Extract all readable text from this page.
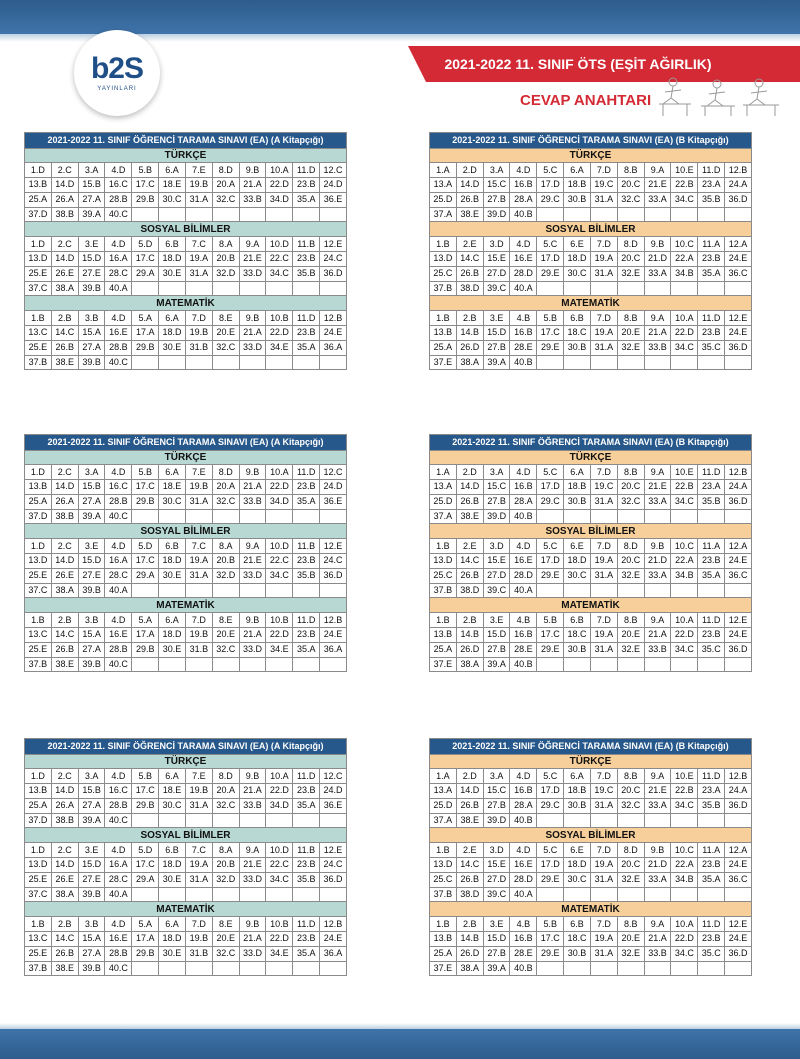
b2S
YAYINLARI
2021-2022 11. SINIF ÖTS (EŞİT AĞIRLIK)
CEVAP ANAHTARI
2021-2022 11. SINIF ÖĞRENCİ TARAMA SINAVI (EA) (A Kitapçığı)											
TÜRKÇE											
1.D	2.C	3.A	4.D	5.B	6.A	7.E	8.D	9.B	10.A	11.D	12.C
13.B	14.D	15.B	16.C	17.C	18.E	19.B	20.A	21.A	22.D	23.B	24.D
25.A	26.A	27.A	28.B	29.B	30.C	31.A	32.C	33.B	34.D	35.A	36.E
37.D	38.B	39.A	40.C								
SOSYAL BİLİMLER											
1.D	2.C	3.E	4.D	5.D	6.B	7.C	8.A	9.A	10.D	11.B	12.E
13.D	14.D	15.D	16.A	17.C	18.D	19.A	20.B	21.E	22.C	23.B	24.C
25.E	26.E	27.E	28.C	29.A	30.E	31.A	32.D	33.D	34.C	35.B	36.D
37.C	38.A	39.B	40.A								
MATEMATİK											
1.B	2.B	3.B	4.D	5.A	6.A	7.D	8.E	9.B	10.B	11.D	12.B
13.C	14.C	15.A	16.E	17.A	18.D	19.B	20.E	21.A	22.D	23.B	24.E
25.E	26.B	27.A	28.B	29.B	30.E	31.B	32.C	33.D	34.E	35.A	36.A
37.B	38.E	39.B	40.C								
2021-2022 11. SINIF ÖĞRENCİ TARAMA SINAVI (EA) (B Kitapçığı)											
TÜRKÇE											
1.A	2.D	3.A	4.D	5.C	6.A	7.D	8.B	9.A	10.E	11.D	12.B
13.A	14.D	15.C	16.B	17.D	18.B	19.C	20.C	21.E	22.B	23.A	24.A
25.D	26.B	27.B	28.A	29.C	30.B	31.A	32.C	33.A	34.C	35.B	36.D
37.A	38.E	39.D	40.B								
SOSYAL BİLİMLER											
1.B	2.E	3.D	4.D	5.C	6.E	7.D	8.D	9.B	10.C	11.A	12.A
13.D	14.C	15.E	16.E	17.D	18.D	19.A	20.C	21.D	22.A	23.B	24.E
25.C	26.B	27.D	28.D	29.E	30.C	31.A	32.E	33.A	34.B	35.A	36.C
37.B	38.D	39.C	40.A								
MATEMATİK											
1.B	2.B	3.E	4.B	5.B	6.B	7.D	8.B	9.A	10.A	11.D	12.E
13.B	14.B	15.D	16.B	17.C	18.C	19.A	20.E	21.A	22.D	23.B	24.E
25.A	26.D	27.B	28.E	29.E	30.B	31.A	32.E	33.B	34.C	35.C	36.D
37.E	38.A	39.A	40.B								
2021-2022 11. SINIF ÖĞRENCİ TARAMA SINAVI (EA) (A Kitapçığı)											
TÜRKÇE											
1.D	2.C	3.A	4.D	5.B	6.A	7.E	8.D	9.B	10.A	11.D	12.C
13.B	14.D	15.B	16.C	17.C	18.E	19.B	20.A	21.A	22.D	23.B	24.D
25.A	26.A	27.A	28.B	29.B	30.C	31.A	32.C	33.B	34.D	35.A	36.E
37.D	38.B	39.A	40.C								
SOSYAL BİLİMLER											
1.D	2.C	3.E	4.D	5.D	6.B	7.C	8.A	9.A	10.D	11.B	12.E
13.D	14.D	15.D	16.A	17.C	18.D	19.A	20.B	21.E	22.C	23.B	24.C
25.E	26.E	27.E	28.C	29.A	30.E	31.A	32.D	33.D	34.C	35.B	36.D
37.C	38.A	39.B	40.A								
MATEMATİK											
1.B	2.B	3.B	4.D	5.A	6.A	7.D	8.E	9.B	10.B	11.D	12.B
13.C	14.C	15.A	16.E	17.A	18.D	19.B	20.E	21.A	22.D	23.B	24.E
25.E	26.B	27.A	28.B	29.B	30.E	31.B	32.C	33.D	34.E	35.A	36.A
37.B	38.E	39.B	40.C								
2021-2022 11. SINIF ÖĞRENCİ TARAMA SINAVI (EA) (B Kitapçığı)											
TÜRKÇE											
1.A	2.D	3.A	4.D	5.C	6.A	7.D	8.B	9.A	10.E	11.D	12.B
13.A	14.D	15.C	16.B	17.D	18.B	19.C	20.C	21.E	22.B	23.A	24.A
25.D	26.B	27.B	28.A	29.C	30.B	31.A	32.C	33.A	34.C	35.B	36.D
37.A	38.E	39.D	40.B								
SOSYAL BİLİMLER											
1.B	2.E	3.D	4.D	5.C	6.E	7.D	8.D	9.B	10.C	11.A	12.A
13.D	14.C	15.E	16.E	17.D	18.D	19.A	20.C	21.D	22.A	23.B	24.E
25.C	26.B	27.D	28.D	29.E	30.C	31.A	32.E	33.A	34.B	35.A	36.C
37.B	38.D	39.C	40.A								
MATEMATİK											
1.B	2.B	3.E	4.B	5.B	6.B	7.D	8.B	9.A	10.A	11.D	12.E
13.B	14.B	15.D	16.B	17.C	18.C	19.A	20.E	21.A	22.D	23.B	24.E
25.A	26.D	27.B	28.E	29.E	30.B	31.A	32.E	33.B	34.C	35.C	36.D
37.E	38.A	39.A	40.B								
2021-2022 11. SINIF ÖĞRENCİ TARAMA SINAVI (EA) (A Kitapçığı)											
TÜRKÇE											
1.D	2.C	3.A	4.D	5.B	6.A	7.E	8.D	9.B	10.A	11.D	12.C
13.B	14.D	15.B	16.C	17.C	18.E	19.B	20.A	21.A	22.D	23.B	24.D
25.A	26.A	27.A	28.B	29.B	30.C	31.A	32.C	33.B	34.D	35.A	36.E
37.D	38.B	39.A	40.C								
SOSYAL BİLİMLER											
1.D	2.C	3.E	4.D	5.D	6.B	7.C	8.A	9.A	10.D	11.B	12.E
13.D	14.D	15.D	16.A	17.C	18.D	19.A	20.B	21.E	22.C	23.B	24.C
25.E	26.E	27.E	28.C	29.A	30.E	31.A	32.D	33.D	34.C	35.B	36.D
37.C	38.A	39.B	40.A								
MATEMATİK											
1.B	2.B	3.B	4.D	5.A	6.A	7.D	8.E	9.B	10.B	11.D	12.B
13.C	14.C	15.A	16.E	17.A	18.D	19.B	20.E	21.A	22.D	23.B	24.E
25.E	26.B	27.A	28.B	29.B	30.E	31.B	32.C	33.D	34.E	35.A	36.A
37.B	38.E	39.B	40.C								
2021-2022 11. SINIF ÖĞRENCİ TARAMA SINAVI (EA) (B Kitapçığı)											
TÜRKÇE											
1.A	2.D	3.A	4.D	5.C	6.A	7.D	8.B	9.A	10.E	11.D	12.B
13.A	14.D	15.C	16.B	17.D	18.B	19.C	20.C	21.E	22.B	23.A	24.A
25.D	26.B	27.B	28.A	29.C	30.B	31.A	32.C	33.A	34.C	35.B	36.D
37.A	38.E	39.D	40.B								
SOSYAL BİLİMLER											
1.B	2.E	3.D	4.D	5.C	6.E	7.D	8.D	9.B	10.C	11.A	12.A
13.D	14.C	15.E	16.E	17.D	18.D	19.A	20.C	21.D	22.A	23.B	24.E
25.C	26.B	27.D	28.D	29.E	30.C	31.A	32.E	33.A	34.B	35.A	36.C
37.B	38.D	39.C	40.A								
MATEMATİK											
1.B	2.B	3.E	4.B	5.B	6.B	7.D	8.B	9.A	10.A	11.D	12.E
13.B	14.B	15.D	16.B	17.C	18.C	19.A	20.E	21.A	22.D	23.B	24.E
25.A	26.D	27.B	28.E	29.E	30.B	31.A	32.E	33.B	34.C	35.C	36.D
37.E	38.A	39.A	40.B								
